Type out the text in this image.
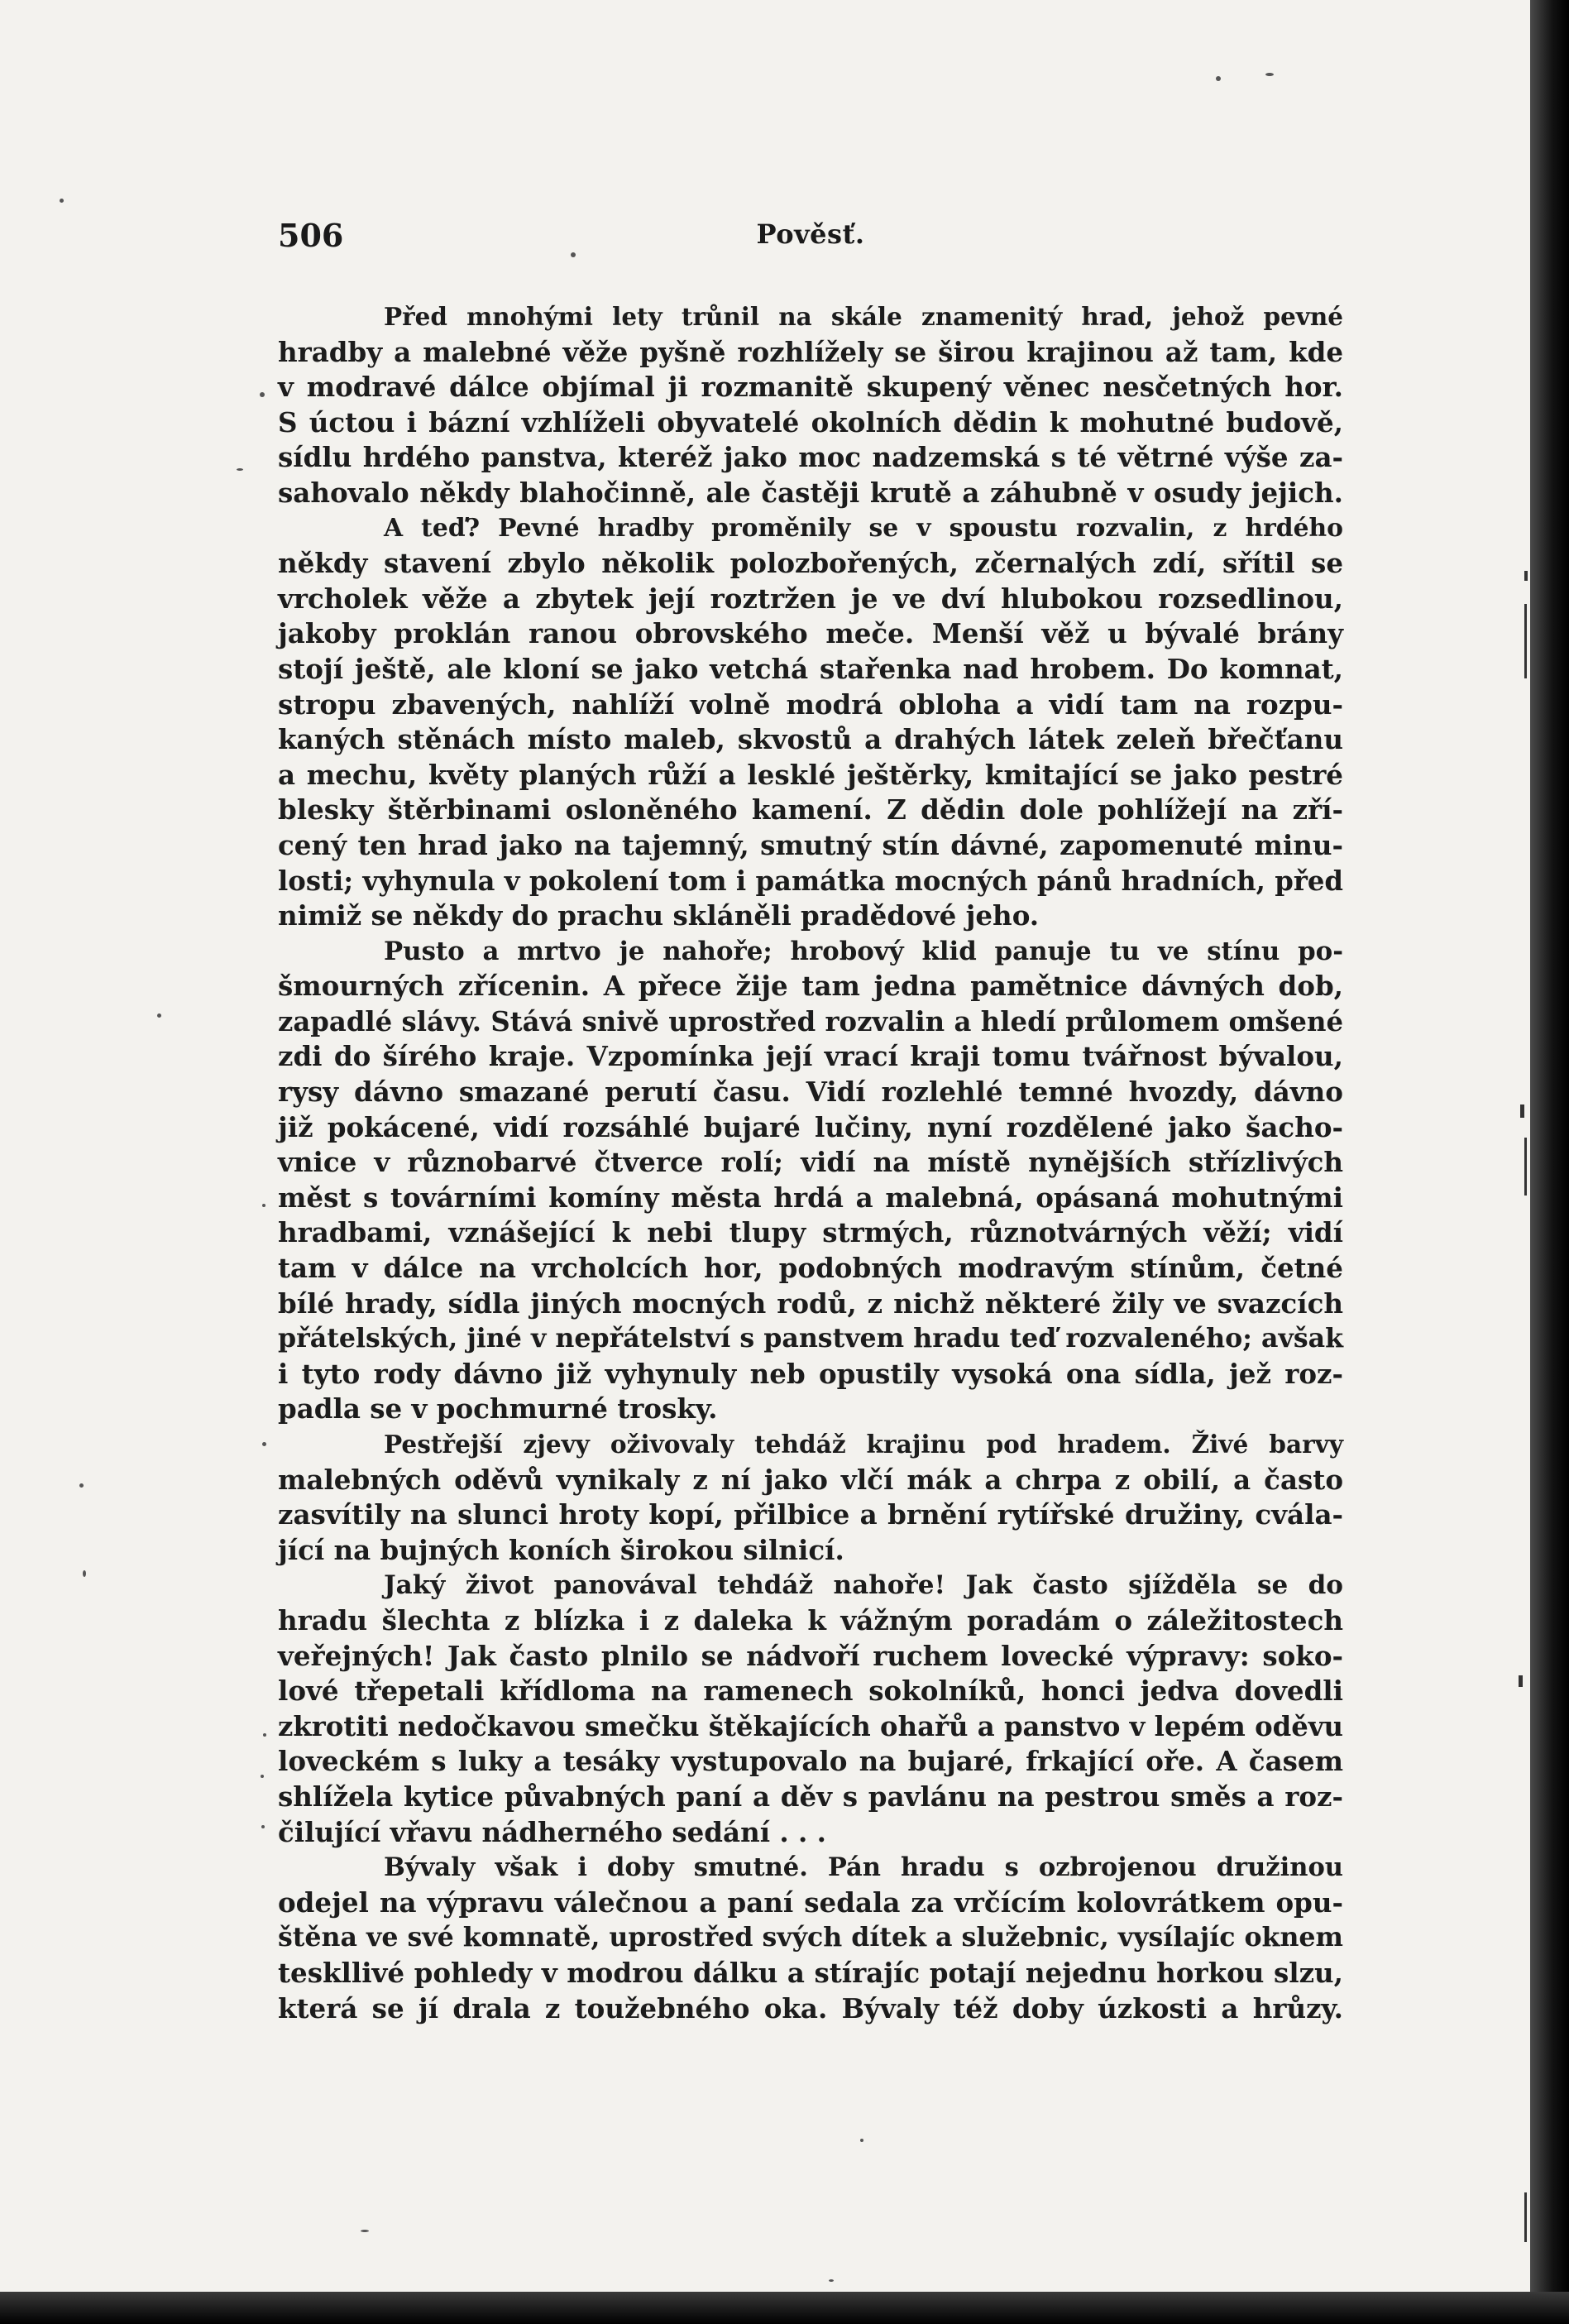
506	Pověsť.

Před mnohými lety trůnil na skále znamenitý hrad, jehož pevné
hradby a malebné věže pyšně rozhlížely se širou krajinou až tam, kde
v modravé dálce objímal ji rozmanitě skupený věnec nesčetných hor.
S úctou i bázní vzhlíželi obyvatelé okolních dědin k mohutné budově,
sídlu hrdého panstva, kteréž jako moc nadzemská s té větrné výše za-
sahovalo někdy blahočinně, ale častěji krutě a záhubně v osudy jejich.

A teď? Pevné hradby proměnily se v spoustu rozvalin, z hrdého
někdy stavení zbylo několik polozbořených, zčernalých zdí, sřítil se
vrcholek věže a zbytek její roztržen je ve dví hlubokou rozsedlinou,
jakoby proklán ranou obrovského meče. Menší věž u bývalé brány
stojí ještě, ale kloní se jako vetchá stařenka nad hrobem. Do komnat,
stropu zbavených, nahlíží volně modrá obloha a vidí tam na rozpu-
kaných stěnách místo maleb, skvostů a drahých látek zeleň břečťanu
a mechu, květy planých růží a lesklé ještěrky, kmitající se jako pestré
blesky štěrbinami osloněného kamení. Z dědin dole pohlížejí na zří-
cený ten hrad jako na tajemný, smutný stín dávné, zapomenuté minu-
losti; vyhynula v pokolení tom i památka mocných pánů hradních, před
nimiž se někdy do prachu skláněli pradědové jeho.

Pusto a mrtvo je nahoře; hrobový klid panuje tu ve stínu po-
šmourných zřícenin. A přece žije tam jedna pamětnice dávných dob,
zapadlé slávy. Stává snivě uprostřed rozvalin a hledí průlomem omšené
zdi do šírého kraje. Vzpomínka její vrací kraji tomu tvářnost bývalou,
rysy dávno smazané perutí času. Vidí rozlehlé temné hvozdy, dávno
již pokácené, vidí rozsáhlé bujaré lučiny, nyní rozdělené jako šacho-
vnice v různobarvé čtverce rolí; vidí na místě nynějších střízlivých
měst s továrními komíny města hrdá a malebná, opásaná mohutnými
hradbami, vznášející k nebi tlupy strmých, různotvárných věží; vidí
tam v dálce na vrcholcích hor, podobných modravým stínům, četné
bílé hrady, sídla jiných mocných rodů, z nichž některé žily ve svazcích
přátelských, jiné v nepřátelství s panstvem hradu teď rozvaleného; avšak
i tyto rody dávno již vyhynuly neb opustily vysoká ona sídla, jež roz-
padla se v pochmurné trosky.

Pestřejší zjevy oživovaly tehdáž krajinu pod hradem. Živé barvy
malebných oděvů vynikaly z ní jako vlčí mák a chrpa z obilí, a často
zasvítily na slunci hroty kopí, přilbice a brnění rytířské družiny, cvála-
jící na bujných koních širokou silnicí.

Jaký život panovával tehdáž nahoře! Jak často sjížděla se do
hradu šlechta z blízka i z daleka k vážným poradám o záležitostech
veřejných! Jak často plnilo se nádvoří ruchem lovecké výpravy: soko-
lové třepetali křídloma na ramenech sokolníků, honci jedva dovedli
zkrotiti nedočkavou smečku štěkajících ohařů a panstvo v lepém oděvu
loveckém s luky a tesáky vystupovalo na bujaré, frkající oře. A časem
shlížela kytice půvabných paní a děv s pavlánu na pestrou směs a roz-
čilující vřavu nádherného sedání . . .

Bývaly však i doby smutné. Pán hradu s ozbrojenou družinou
odejel na výpravu válečnou a paní sedala za vrčícím kolovrátkem opu-
štěna ve své komnatě, uprostřed svých dítek a služebnic, vysílajíc oknem
teskllivé pohledy v modrou dálku a stírajíc potají nejednu horkou slzu,
která se jí drala z toužebného oka. Bývaly též doby úzkosti a hrůzy.
